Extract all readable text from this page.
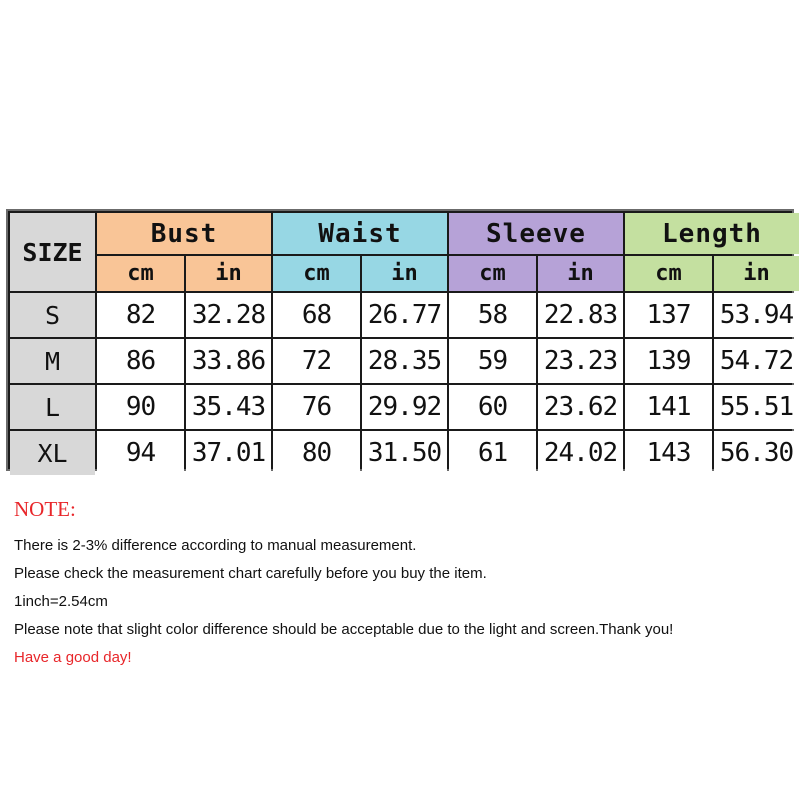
SIZE
Bust	Waist	Sleeve	Length
cm	in	cm	in	cm	in	cm	in
S	82	32.28	68	26.77	58	22.83	137	53.94
M	86	33.86	72	28.35	59	23.23	139	54.72
L	90	35.43	76	29.92	60	23.62	141	55.51
XL	94	37.01	80	31.50	61	24.02	143	56.30
NOTE:
There is 2-3% difference according to manual measurement.
Please check the measurement chart carefully before you buy the item.
1inch=2.54cm
Please note that slight color difference should be acceptable due to the light and screen.Thank you!
Have a good day!
